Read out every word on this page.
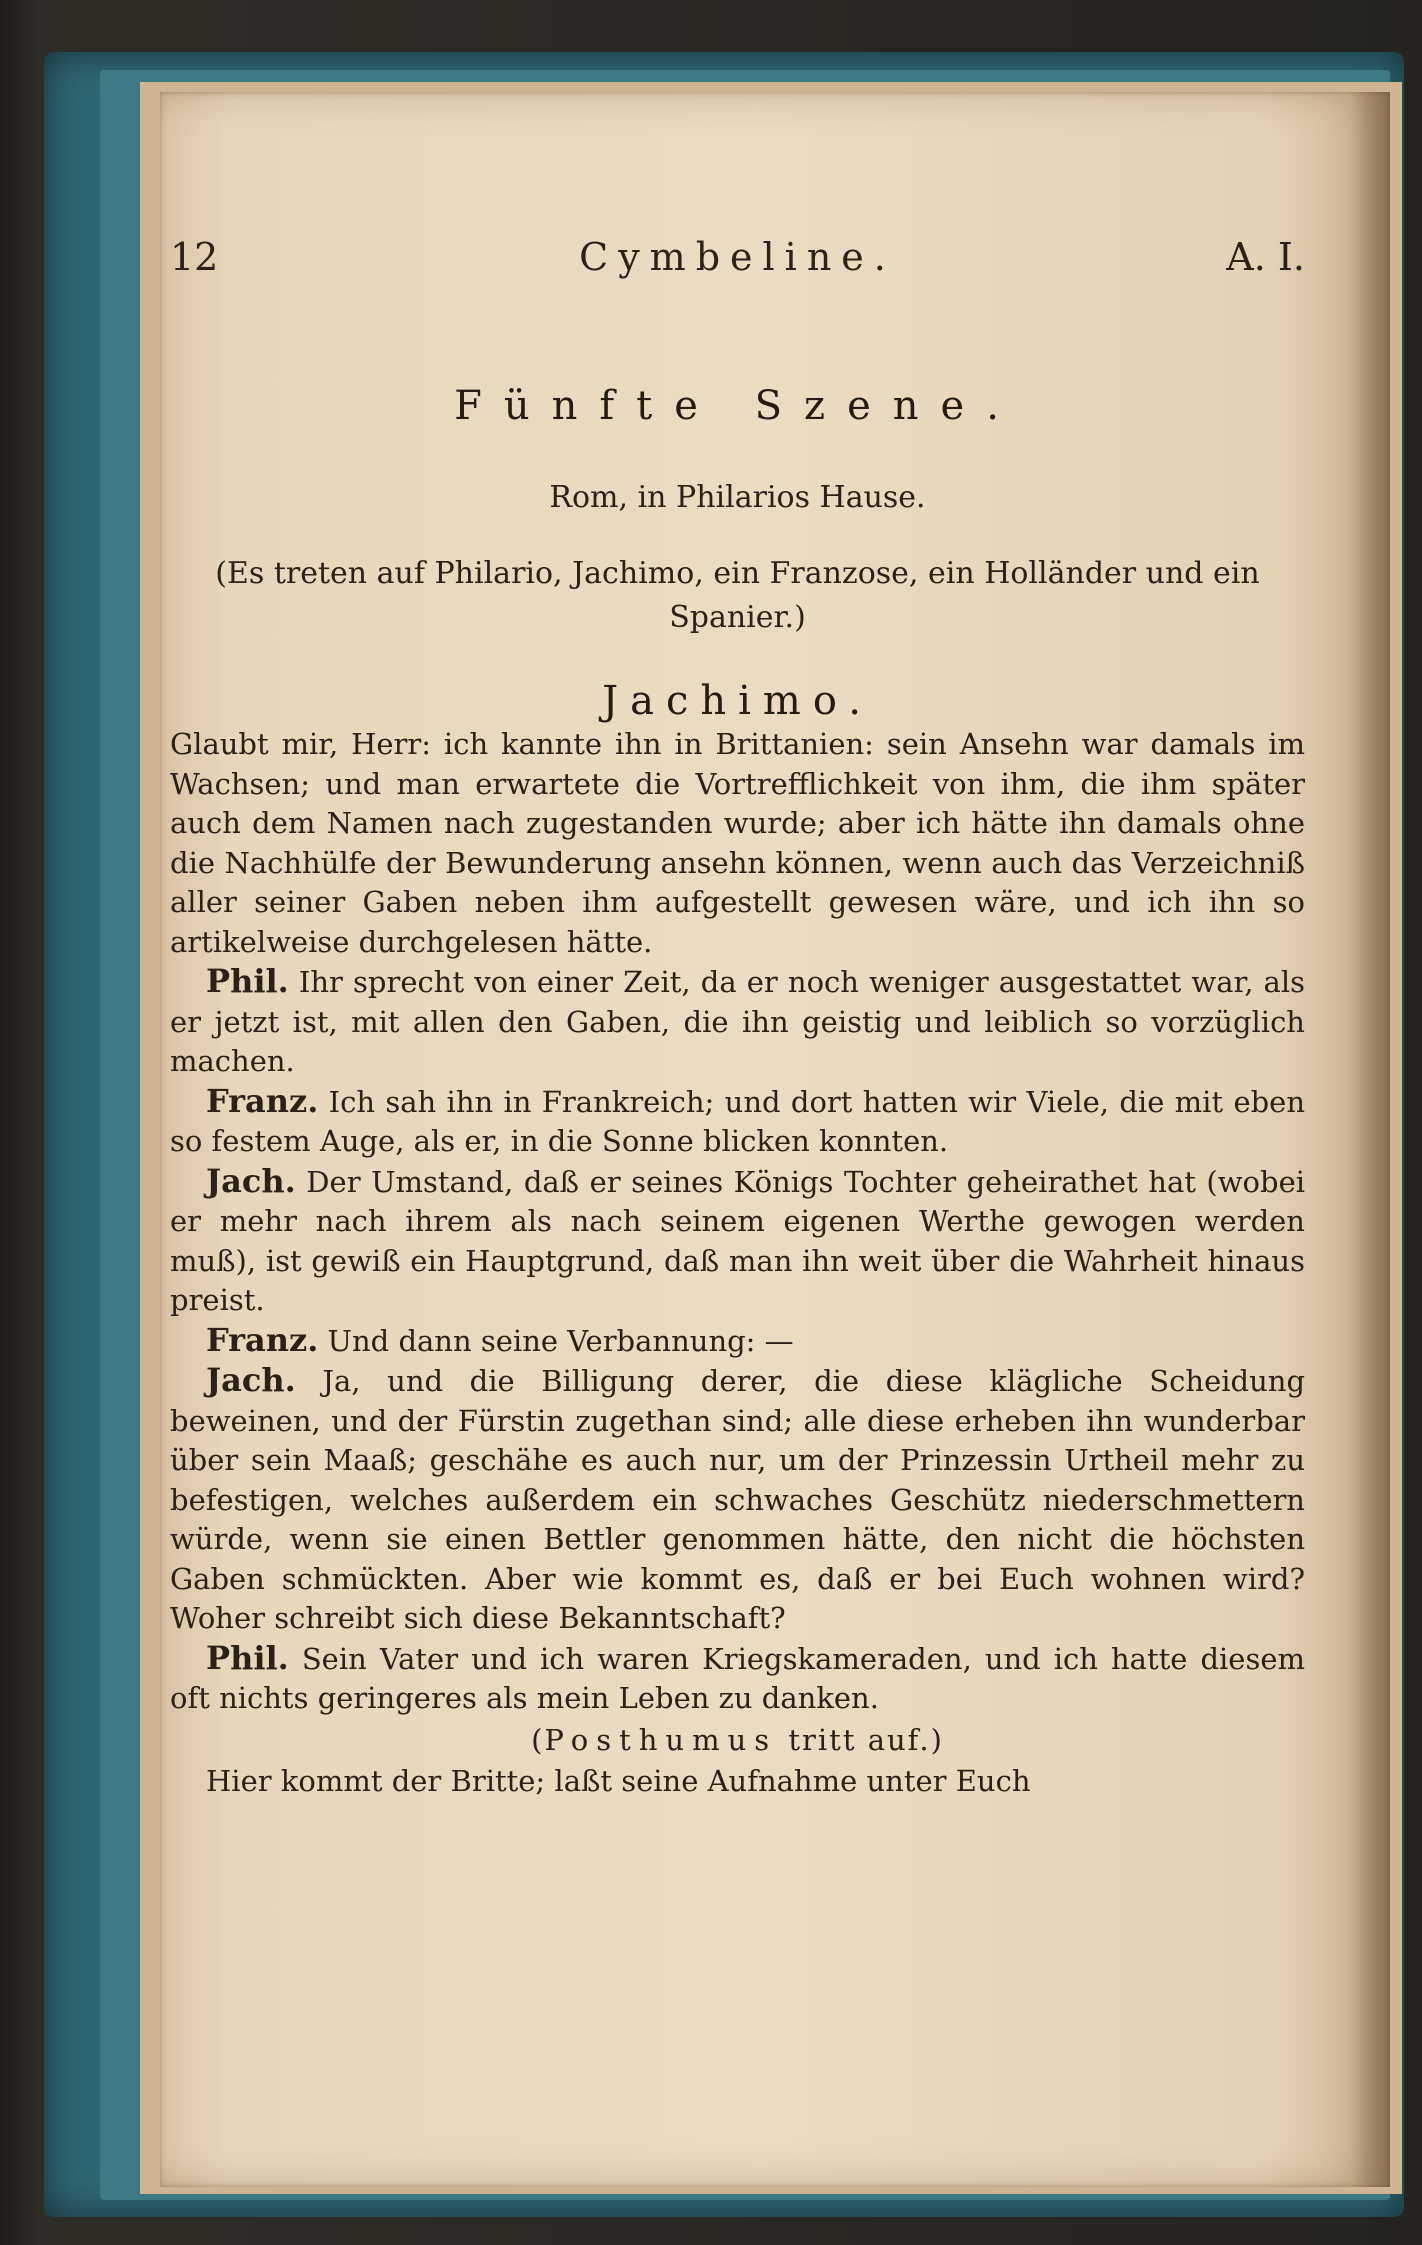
12	Cymbeline.	A. I.
Fünfte Szene.
Rom, in Philarios Hause.
(Es treten auf Philario, Jachimo, ein Franzose, ein Holländer und ein Spanier.)
Jachimo.

Glaubt mir, Herr: ich kannte ihn in Brittanien: sein Ansehn war damals im Wachsen; und man erwartete die Vortrefflichkeit von ihm, die ihm später auch dem Namen nach zugestanden wurde; aber ich hätte ihn damals ohne die Nachhülfe der Bewunderung ansehn können, wenn auch das Verzeichniß aller seiner Gaben neben ihm aufgestellt gewesen wäre, und ich ihn so artikelweise durchgelesen hätte.

Phil. Ihr sprecht von einer Zeit, da er noch weniger ausgestattet war, als er jetzt ist, mit allen den Gaben, die ihn geistig und leiblich so vorzüglich machen.

Franz. Ich sah ihn in Frankreich; und dort hatten wir Viele, die mit eben so festem Auge, als er, in die Sonne blicken konnten.

Jach. Der Umstand, daß er seines Königs Tochter geheirathet hat (wobei er mehr nach ihrem als nach seinem eigenen Werthe gewogen werden muß), ist gewiß ein Hauptgrund, daß man ihn weit über die Wahrheit hinaus preist.

Franz. Und dann seine Verbannung: —

Jach. Ja, und die Billigung derer, die diese klägliche Scheidung beweinen, und der Fürstin zugethan sind; alle diese erheben ihn wunderbar über sein Maaß; geschähe es auch nur, um der Prinzessin Urtheil mehr zu befestigen, welches außerdem ein schwaches Geschütz niederschmettern würde, wenn sie einen Bettler genommen hätte, den nicht die höchsten Gaben schmückten. Aber wie kommt es, daß er bei Euch wohnen wird? Woher schreibt sich diese Bekanntschaft?

Phil. Sein Vater und ich waren Kriegskameraden, und ich hatte diesem oft nichts geringeres als mein Leben zu danken.

(Posthumus tritt auf.)

Hier kommt der Britte; laßt seine Aufnahme unter Euch
